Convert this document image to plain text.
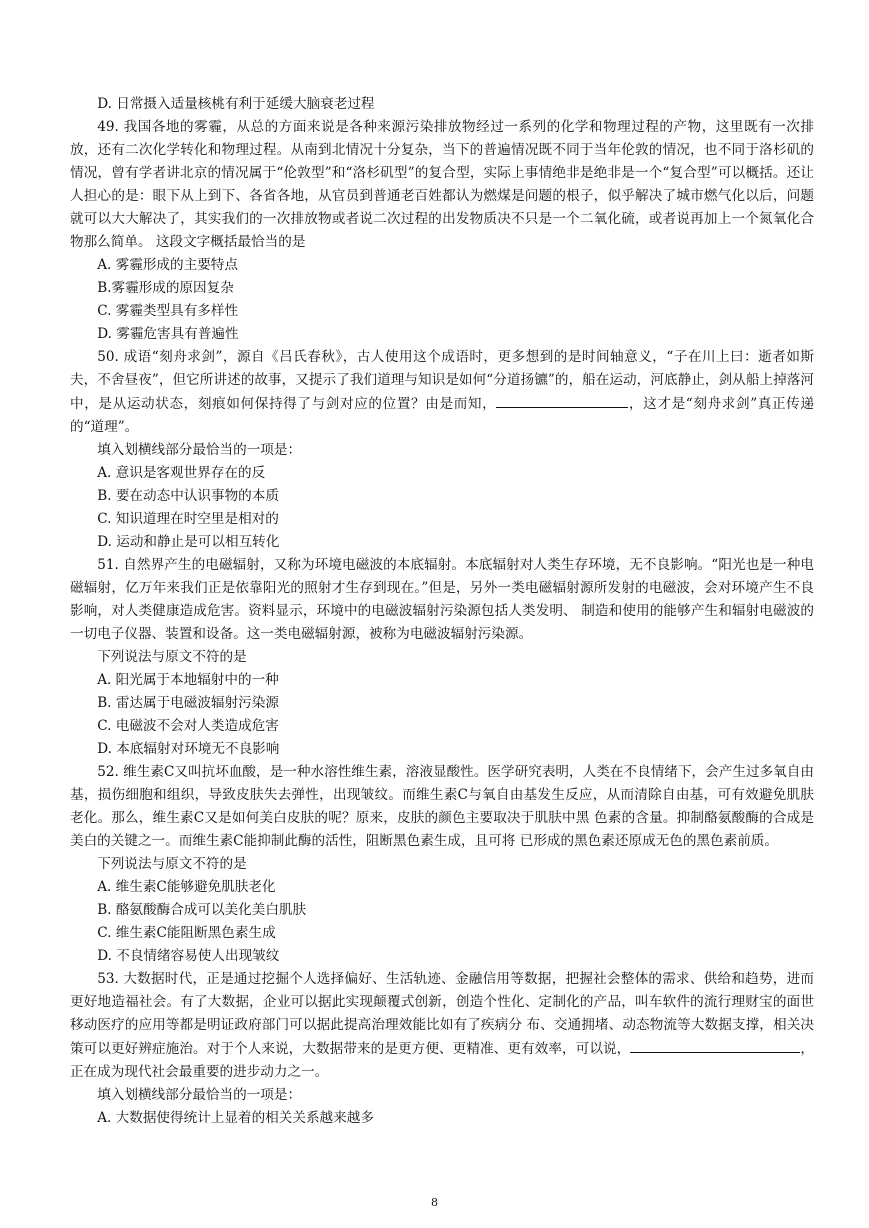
D. 日常摄入适量核桃有利于延缓大脑衰老过程

49. 我国各地的雾霾，从总的方面来说是各种来源污染排放物经过一系列的化学和物理过程的产物，这里既有一次排放，还有二次化学转化和物理过程。从南到北情况十分复杂，当下的普遍情况既不同于当年伦敦的情况，也不同于洛杉矶的情况，曾有学者讲北京的情况属于“伦敦型”和“洛杉矶型”的复合型，实际上事情绝非是绝非是一个“复合型”可以概括。还让人担心的是：眼下从上到下、各省各地，从官员到普通老百姓都认为燃煤是问题的根子，似乎解决了城市燃气化以后，问题就可以大大解决了，其实我们的一次排放物或者说二次过程的出发物质决不只是一个二氧化硫，或者说再加上一个氮氧化合物那么简单。 这段文字概括最恰当的是

A. 雾霾形成的主要特点

B.雾霾形成的原因复杂

C. 雾霾类型具有多样性

D. 雾霾危害具有普遍性

50. 成语“刻舟求剑”，源自《吕氏春秋》，古人使用这个成语时，更多想到的是时间轴意义，“子在川上曰：逝者如斯夫，不舍昼夜”，但它所讲述的故事，又提示了我们道理与知识是如何“分道扬镳”的，船在运动，河底静止，剑从船上掉落河中，是从运动状态，刻痕如何保持得了与剑对应的位置？由是而知，	，这才是“刻舟求剑”真正传递的“道理”。

填入划横线部分最恰当的一项是：

A. 意识是客观世界存在的反

B. 要在动态中认识事物的本质

C. 知识道理在时空里是相对的

D. 运动和静止是可以相互转化

51. 自然界产生的电磁辐射，又称为环境电磁波的本底辐射。本底辐射对人类生存环境，无不良影响。“阳光也是一种电磁辐射，亿万年来我们正是依靠阳光的照射才生存到现在。”但是，另外一类电磁辐射源所发射的电磁波，会对环境产生不良影响，对人类健康造成危害。资料显示，环境中的电磁波辐射污染源包括人类发明、 制造和使用的能够产生和辐射电磁波的一切电子仪器、装置和设备。这一类电磁辐射源，被称为电磁波辐射污染源。

下列说法与原文不符的是

A. 阳光属于本地辐射中的一种

B. 雷达属于电磁波辐射污染源

C. 电磁波不会对人类造成危害

D. 本底辐射对环境无不良影响

52. 维生素C又叫抗坏血酸，是一种水溶性维生素，溶液显酸性。医学研究表明，人类在不良情绪下，会产生过多氧自由基，损伤细胞和组织，导致皮肤失去弹性，出现皱纹。而维生素C与氧自由基发生反应，从而清除自由基，可有效避免肌肤老化。那么，维生素C又是如何美白皮肤的呢？原来，皮肤的颜色主要取决于肌肤中黑 色素的含量。抑制酪氨酸酶的合成是美白的关键之一。而维生素C能抑制此酶的活性，阻断黑色素生成，且可将 已形成的黑色素还原成无色的黑色素前质。

下列说法与原文不符的是

A. 维生素C能够避免肌肤老化

B. 酪氨酸酶合成可以美化美白肌肤

C. 维生素C能阻断黑色素生成

D. 不良情绪容易使人出现皱纹

53. 大数据时代，正是通过挖掘个人选择偏好、生活轨迹、金融信用等数据，把握社会整体的需求、供给和趋势，进而更好地造福社会。有了大数据，企业可以据此实现颠覆式创新，创造个性化、定制化的产品，叫车软件的流行理财宝的面世移动医疗的应用等都是明证政府部门可以据此提高治理效能比如有了疾病分 布、交通拥堵、动态物流等大数据支撑，相关决策可以更好辨症施治。对于个人来说，大数据带来的是更方便、更精准、更有效率，可以说，	，正在成为现代社会最重要的进步动力之一。

填入划横线部分最恰当的一项是：

A. 大数据使得统计上显着的相关关系越来越多

8
